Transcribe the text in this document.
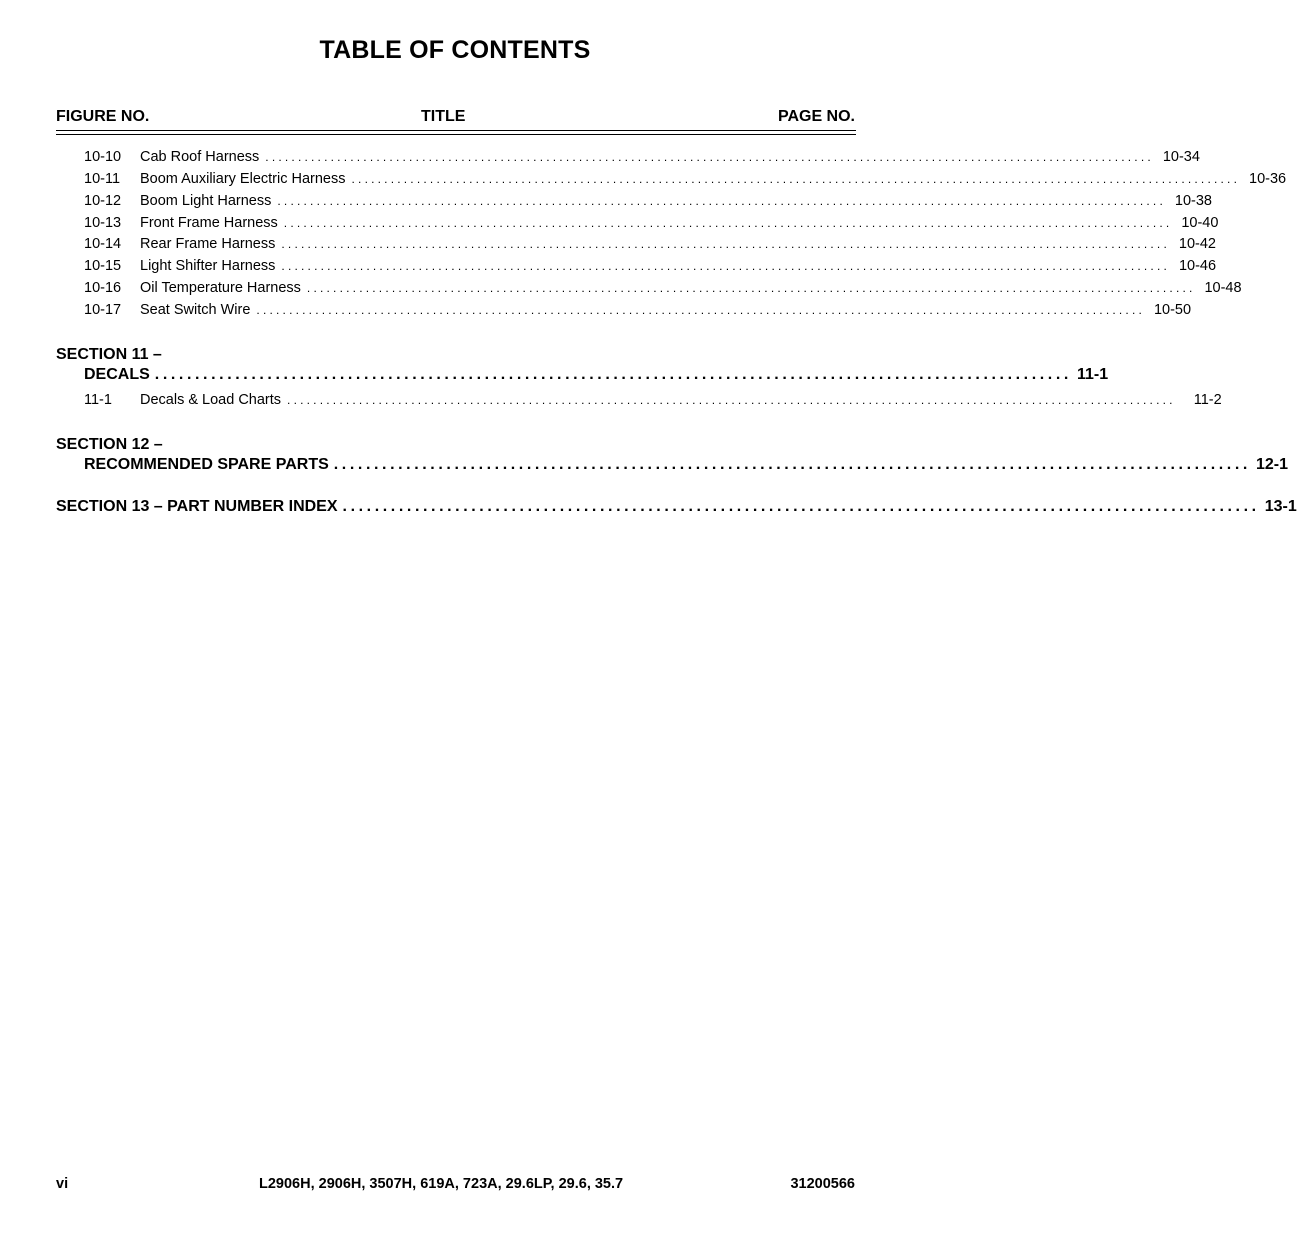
TABLE OF CONTENTS
FIGURE NO.	TITLE	PAGE NO.
10-10	Cab Roof Harness ........................................................................................................................................ 10-34
10-11	Boom Auxiliary Electric Harness ........................................................................................................................................ 10-36
10-12	Boom Light Harness ........................................................................................................................................ 10-38
10-13	Front Frame Harness ........................................................................................................................................ 10-40
10-14	Rear Frame Harness ........................................................................................................................................ 10-42
10-15	Light Shifter Harness ........................................................................................................................................ 10-46
10-16	Oil Temperature Harness ........................................................................................................................................ 10-48
10-17	Seat Switch Wire ........................................................................................................................................ 10-50
SECTION 11 –
DECALS .................................................................................................................. 11-1
11-1	Decals & Load Charts ........................................................................................................................................	11-2
SECTION 12 –
RECOMMENDED SPARE PARTS .................................................................................................................. 12-1
SECTION 13 – PART NUMBER INDEX .................................................................................................................. 13-1
vi	L2906H, 2906H, 3507H, 619A, 723A, 29.6LP, 29.6, 35.7	31200566
